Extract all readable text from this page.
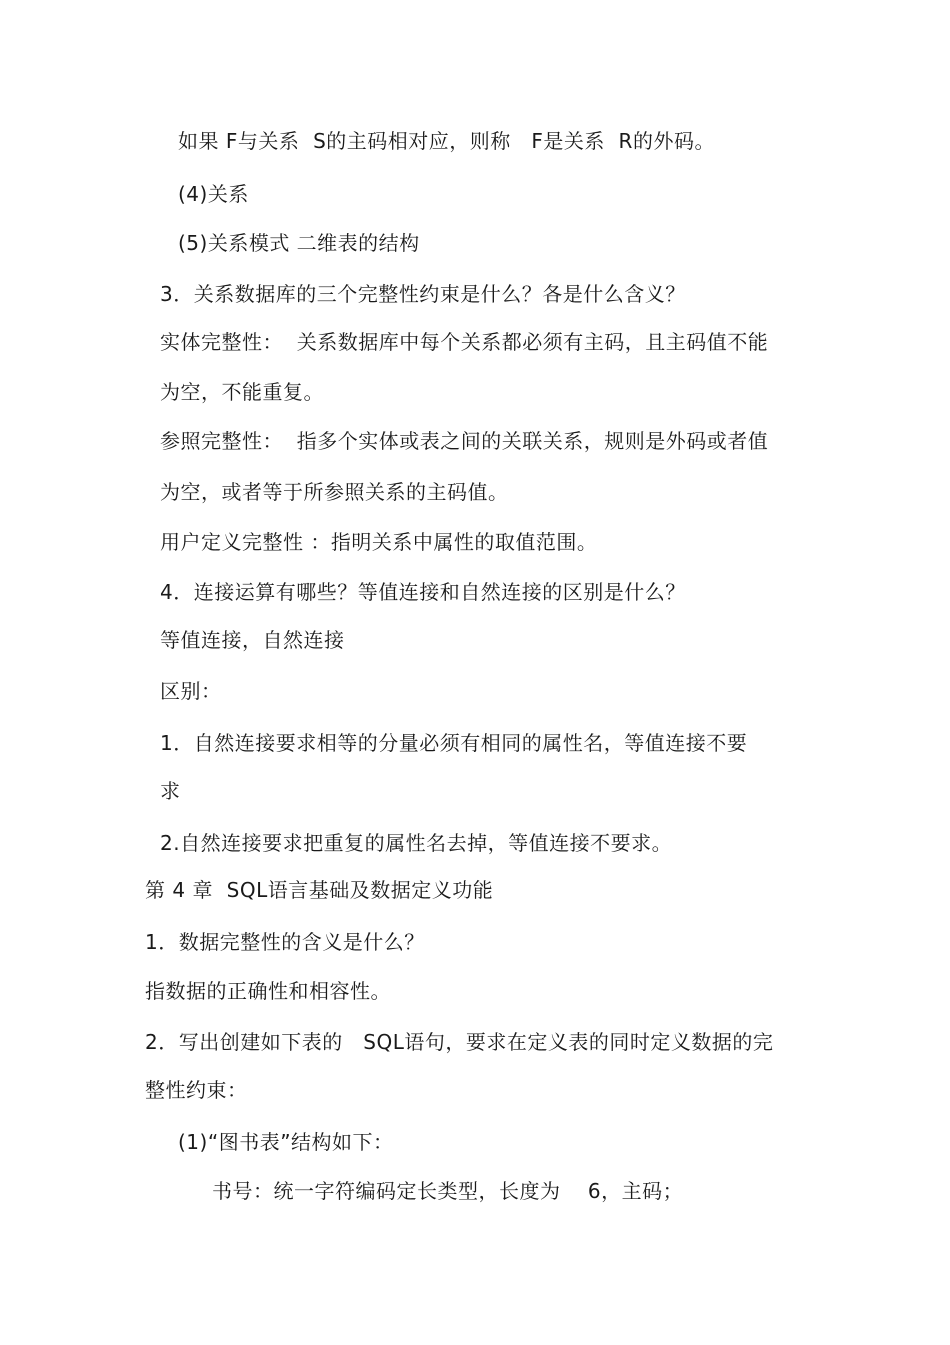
如果 F与关系  S的主码相对应，则称   F是关系  R的外码。
(4)关系
(5)关系模式 二维表的结构
3．关系数据库的三个完整性约束是什么？各是什么含义？
实体完整性：  关系数据库中每个关系都必须有主码，且主码值不能
为空，不能重复。
参照完整性：  指多个实体或表之间的关联关系，规则是外码或者值
为空，或者等于所参照关系的主码值。
用户定义完整性 ：指明关系中属性的取值范围。
4．连接运算有哪些？等值连接和自然连接的区别是什么？
等值连接，自然连接
区别：
1．自然连接要求相等的分量必须有相同的属性名，等值连接不要
求
2.自然连接要求把重复的属性名去掉，等值连接不要求。
第 4 章  SQL语言基础及数据定义功能
1．数据完整性的含义是什么？
指数据的正确性和相容性。
2．写出创建如下表的   SQL语句，要求在定义表的同时定义数据的完
整性约束：
(1)“图书表”结构如下：
书号：统一字符编码定长类型，长度为    6，主码；
